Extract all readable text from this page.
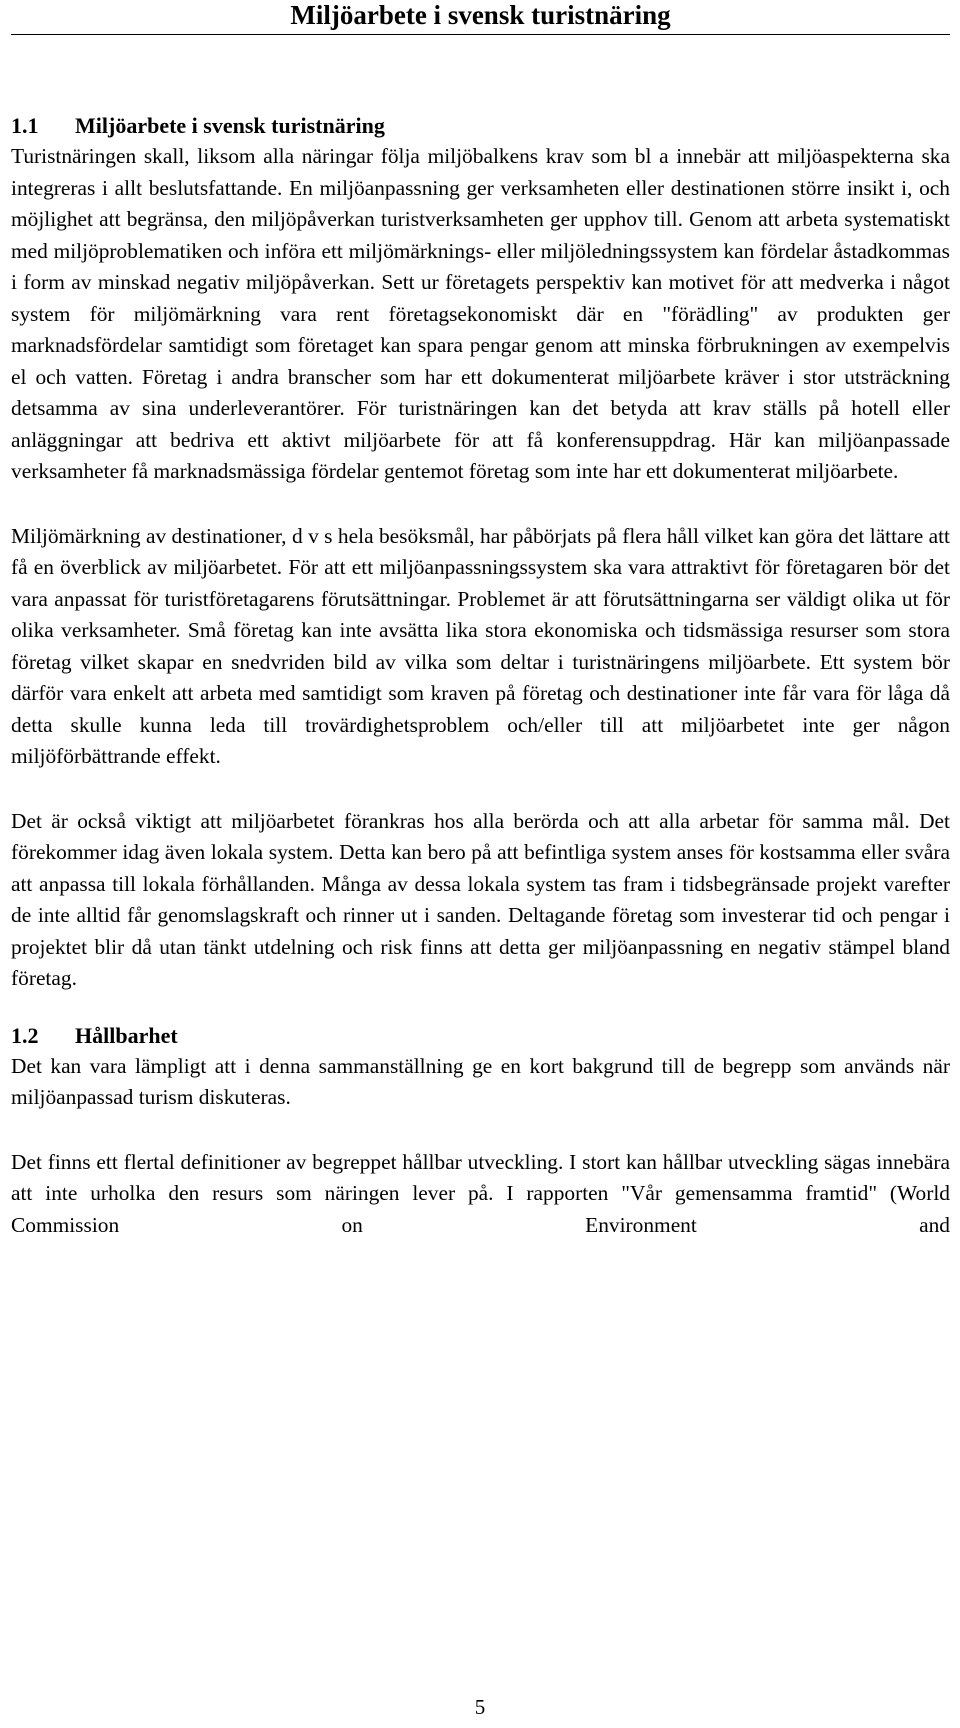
Miljöarbete i svensk turistnäring
1.1	Miljöarbete i svensk turistnäring

Turistnäringen skall, liksom alla näringar följa miljöbalkens krav som bl a innebär att miljöaspekterna ska integreras i allt beslutsfattande. En miljöanpassning ger verksamheten eller destinationen större insikt i, och möjlighet att begränsa, den miljöpåverkan turistverksamheten ger upphov till. Genom att arbeta systematiskt med miljöproblematiken och införa ett miljömärknings- eller miljöledningssystem kan fördelar åstadkommas i form av minskad negativ miljöpåverkan. Sett ur företagets perspektiv kan motivet för att medverka i något system för miljömärkning vara rent företagsekonomiskt där en "förädling" av produkten ger marknadsfördelar samtidigt som företaget kan spara pengar genom att minska förbrukningen av exempelvis el och vatten. Företag i andra branscher som har ett dokumenterat miljöarbete kräver i stor utsträckning detsamma av sina underleverantörer. För turistnäringen kan det betyda att krav ställs på hotell eller anläggningar att bedriva ett aktivt miljöarbete för att få konferensuppdrag. Här kan miljöanpassade verksamheter få marknadsmässiga fördelar gentemot företag som inte har ett dokumenterat miljöarbete.

Miljömärkning av destinationer, d v s hela besöksmål, har påbörjats på flera håll vilket kan göra det lättare att få en överblick av miljöarbetet. För att ett miljöanpassningssystem ska vara attraktivt för företagaren bör det vara anpassat för turistföretagarens förutsättningar. Problemet är att förutsättningarna ser väldigt olika ut för olika verksamheter. Små företag kan inte avsätta lika stora ekonomiska och tidsmässiga resurser som stora företag vilket skapar en snedvriden bild av vilka som deltar i turistnäringens miljöarbete. Ett system bör därför vara enkelt att arbeta med samtidigt som kraven på företag och destinationer inte får vara för låga då detta skulle kunna leda till trovärdighetsproblem och/eller till att miljöarbetet inte ger någon miljöförbättrande effekt.

Det är också viktigt att miljöarbetet förankras hos alla berörda och att alla arbetar för samma mål. Det förekommer idag även lokala system. Detta kan bero på att befintliga system anses för kostsamma eller svåra att anpassa till lokala förhållanden. Många av dessa lokala system tas fram i tidsbegränsade projekt varefter de inte alltid får genomslagskraft och rinner ut i sanden. Deltagande företag som investerar tid och pengar i projektet blir då utan tänkt utdelning och risk finns att detta ger miljöanpassning en negativ stämpel bland företag.

1.2	Hållbarhet

Det kan vara lämpligt att i denna sammanställning ge en kort bakgrund till de begrepp som används när miljöanpassad turism diskuteras.

Det finns ett flertal definitioner av begreppet hållbar utveckling. I stort kan hållbar utveckling sägas innebära att inte urholka den resurs som näringen lever på. I rapporten "Vår gemensamma framtid" (World Commission on Environment and

5
